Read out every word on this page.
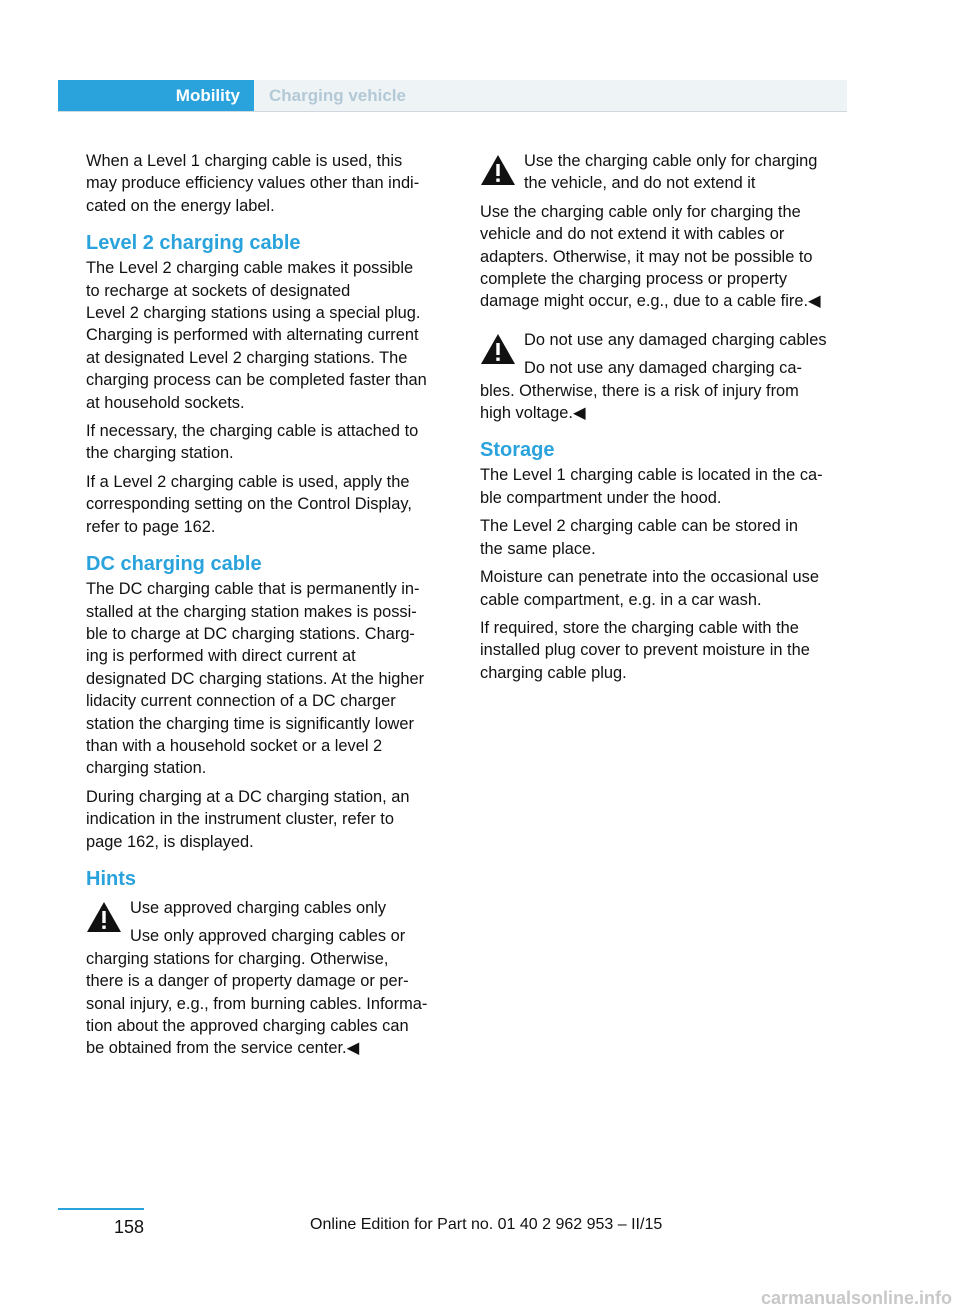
Mobility	Charging vehicle

When a Level 1 charging cable is used, this
may produce efficiency values other than indi-
cated on the energy label.

Level 2 charging cable

The Level 2 charging cable makes it possible
to recharge at sockets of designated
Level 2 charging stations using a special plug.
Charging is performed with alternating current
at designated Level 2 charging stations. The
charging process can be completed faster than
at household sockets.

If necessary, the charging cable is attached to
the charging station.

If a Level 2 charging cable is used, apply the
corresponding setting on the Control Display,
refer to page 162.

DC charging cable

The DC charging cable that is permanently in-
stalled at the charging station makes is possi-
ble to charge at DC charging stations. Charg-
ing is performed with direct current at
designated DC charging stations. At the higher
lidacity current connection of a DC charger
station the charging time is significantly lower
than with a household socket or a level 2
charging station.

During charging at a DC charging station, an
indication in the instrument cluster, refer to
page 162, is displayed.

Hints

Use approved charging cables only

Use only approved charging cables or

charging stations for charging. Otherwise,
there is a danger of property damage or per-
sonal injury, e.g., from burning cables. Informa-
tion about the approved charging cables can
be obtained from the service center.◀

Use the charging cable only for charging
the vehicle, and do not extend it

Use the charging cable only for charging the
vehicle and do not extend it with cables or
adapters. Otherwise, it may not be possible to
complete the charging process or property
damage might occur, e.g., due to a cable fire.◀

Do not use any damaged charging cables

Do not use any damaged charging ca-

bles. Otherwise, there is a risk of injury from
high voltage.◀

Storage

The Level 1 charging cable is located in the ca-
ble compartment under the hood.

The Level 2 charging cable can be stored in
the same place.

Moisture can penetrate into the occasional use
cable compartment, e.g. in a car wash.

If required, store the charging cable with the
installed plug cover to prevent moisture in the
charging cable plug.

158	Online Edition for Part no. 01 40 2 962 953 – II/15
carmanualsonline.info
